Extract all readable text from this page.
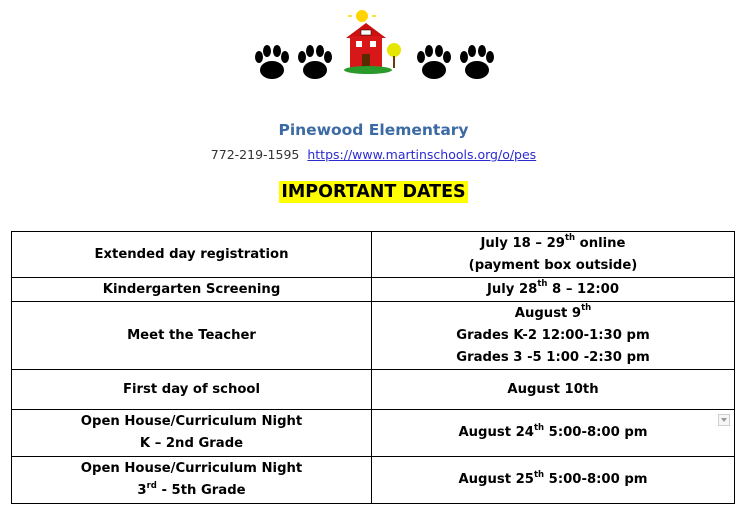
Pinewood Elementary
772-219-1595 https://www.martinschools.org/o/pes
IMPORTANT DATES
Extended day registration	July 18 – 29th online
(payment box outside)

Kindergarten Screening	July 28th 8 – 12:00

Meet the Teacher	August 9th
Grades K-2 12:00-1:30 pm
Grades 3 -5 1:00 -2:30 pm

First day of school	August 10th

Open House/Curriculum Night
K – 2nd Grade	August 24th 5:00-8:00 pm

Open House/Curriculum Night
3rd - 5th Grade	August 25th 5:00-8:00 pm
